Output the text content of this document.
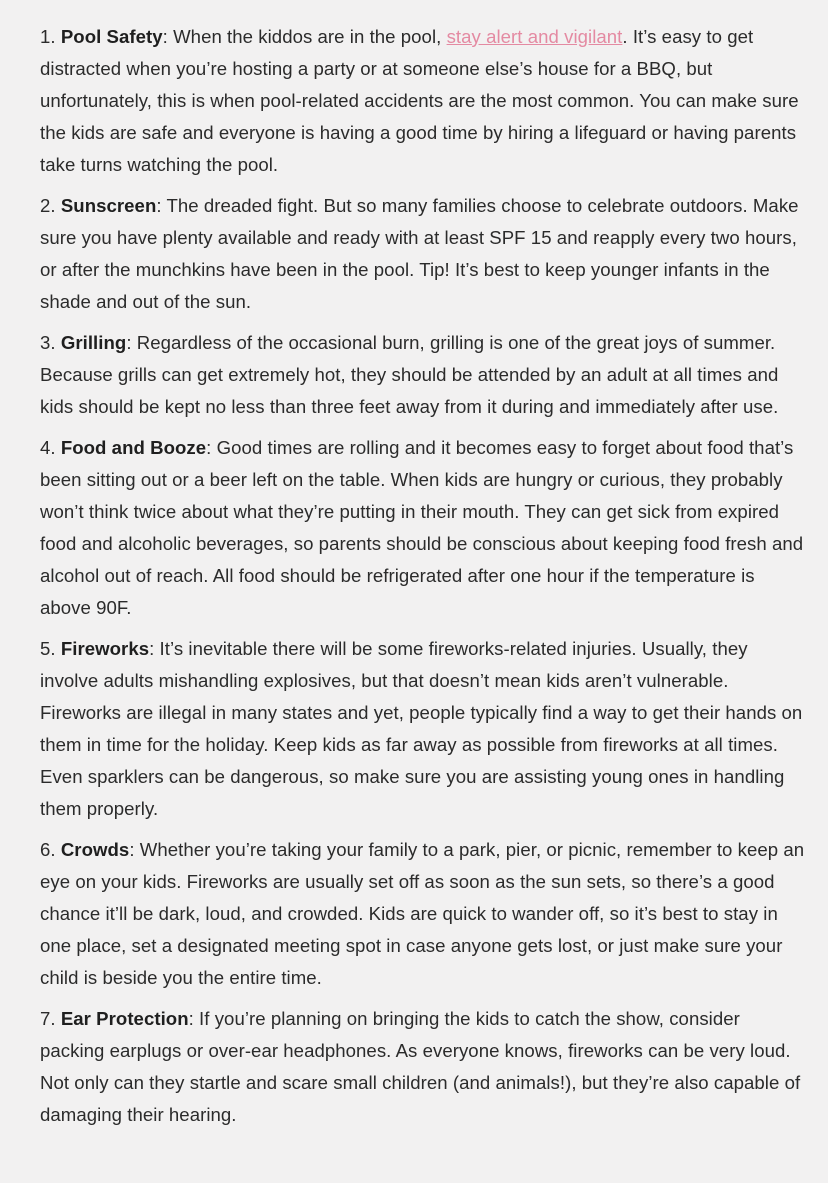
1. Pool Safety: When the kiddos are in the pool, stay alert and vigilant. It’s easy to get distracted when you’re hosting a party or at someone else’s house for a BBQ, but unfortunately, this is when pool-related accidents are the most common. You can make sure the kids are safe and everyone is having a good time by hiring a lifeguard or having parents take turns watching the pool.

2. Sunscreen: The dreaded fight. But so many families choose to celebrate outdoors. Make sure you have plenty available and ready with at least SPF 15 and reapply every two hours, or after the munchkins have been in the pool. Tip! It’s best to keep younger infants in the shade and out of the sun.

3. Grilling: Regardless of the occasional burn, grilling is one of the great joys of summer. Because grills can get extremely hot, they should be attended by an adult at all times and kids should be kept no less than three feet away from it during and immediately after use.

4. Food and Booze: Good times are rolling and it becomes easy to forget about food that’s been sitting out or a beer left on the table. When kids are hungry or curious, they probably won’t think twice about what they’re putting in their mouth. They can get sick from expired food and alcoholic beverages, so parents should be conscious about keeping food fresh and alcohol out of reach. All food should be refrigerated after one hour if the temperature is above 90F.

5. Fireworks: It’s inevitable there will be some fireworks-related injuries. Usually, they involve adults mishandling explosives, but that doesn’t mean kids aren’t vulnerable. Fireworks are illegal in many states and yet, people typically find a way to get their hands on them in time for the holiday. Keep kids as far away as possible from fireworks at all times. Even sparklers can be dangerous, so make sure you are assisting young ones in handling them properly.

6. Crowds: Whether you’re taking your family to a park, pier, or picnic, remember to keep an eye on your kids. Fireworks are usually set off as soon as the sun sets, so there’s a good chance it’ll be dark, loud, and crowded. Kids are quick to wander off, so it’s best to stay in one place, set a designated meeting spot in case anyone gets lost, or just make sure your child is beside you the entire time.

7. Ear Protection: If you’re planning on bringing the kids to catch the show, consider packing earplugs or over-ear headphones. As everyone knows, fireworks can be very loud. Not only can they startle and scare small children (and animals!), but they’re also capable of damaging their hearing.
